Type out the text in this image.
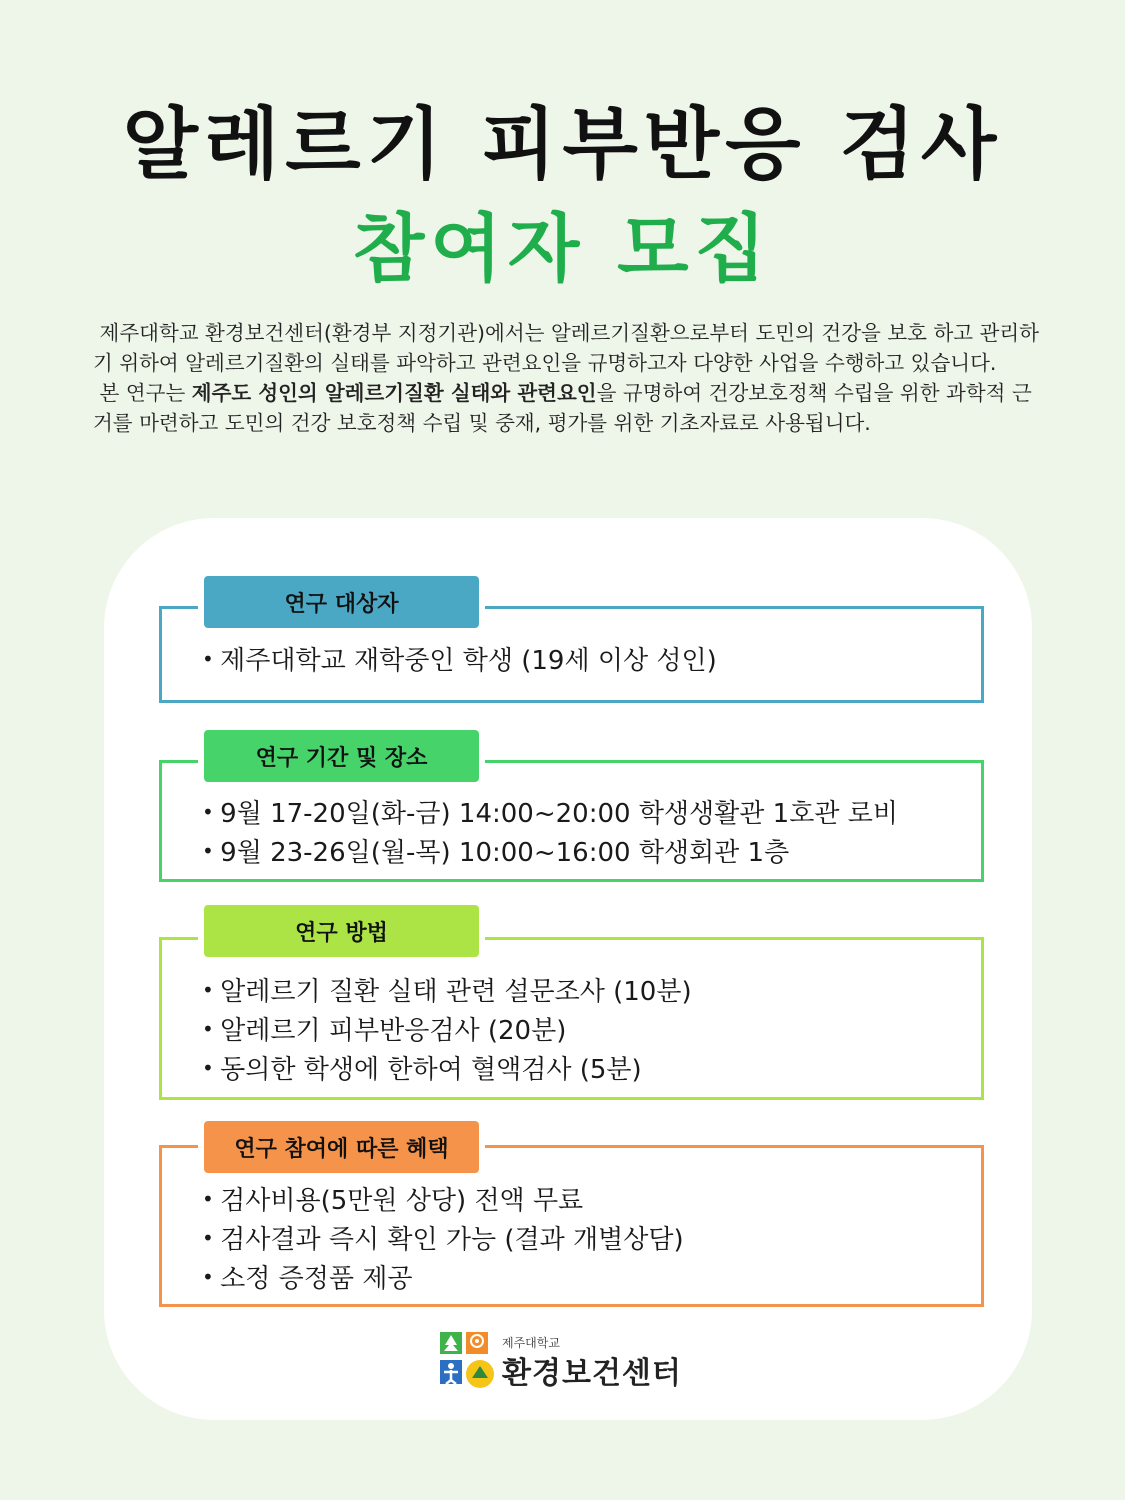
알레르기 피부반응 검사
참여자 모집

제주대학교 환경보건센터(환경부 지정기관)에서는 알레르기질환으로부터 도민의 건강을 보호 하고 관리하기 위하여 알레르기질환의 실태를 파악하고 관련요인을 규명하고자 다양한 사업을 수행하고 있습니다.

본 연구는 제주도 성인의 알레르기질환 실태와 관련요인을 규명하여 건강보호정책 수립을 위한 과학적 근거를 마련하고 도민의 건강 보호정책 수립 및 중재, 평가를 위한 기초자료로 사용됩니다.

• 제주대학교 재학중인 학생 (19세 이상 성인)
연구 대상자
• 9월 17-20일(화-금) 14:00~20:00 학생생활관 1호관 로비
• 9월 23-26일(월-목) 10:00~16:00 학생회관 1층
연구 기간 및 장소
• 알레르기 질환 실태 관련 설문조사 (10분)
• 알레르기 피부반응검사 (20분)
• 동의한 학생에 한하여 혈액검사 (5분)
연구 방법
• 검사비용(5만원 상당) 전액 무료
• 검사결과 즉시 확인 가능 (결과 개별상담)
• 소정 증정품 제공
연구 참여에 따른 혜택
제주대학교
환경보건센터
